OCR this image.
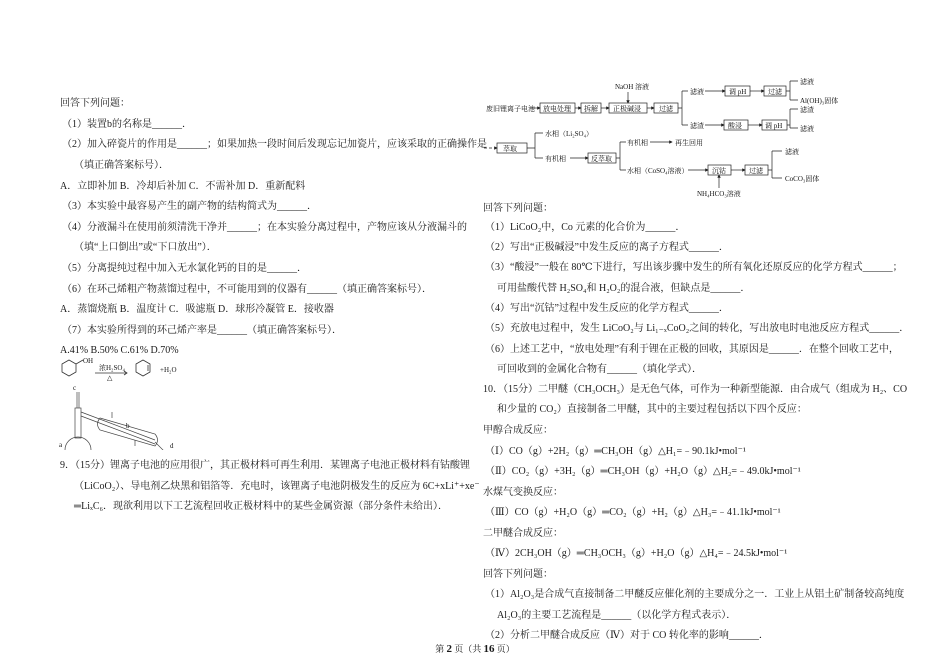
回答下列问题：
（1）装置b的名称是______．
（2）加入碎瓷片的作用是______；如果加热一段时间后发现忘记加瓷片，应该采取的正确操作是
（填正确答案标号）．
A．立即补加 B．冷却后补加 C．不需补加 D．重新配料
（3）本实验中最容易产生的副产物的结构简式为______．
（4）分液漏斗在使用前须清洗干净并______；在本实验分离过程中，产物应该从分液漏斗的
（填“上口倒出”或“下口放出”）．
（5）分离提纯过程中加入无水氯化钙的目的是______．
（6）在环己烯粗产物蒸馏过程中，不可能用到的仪器有______（填正确答案标号）．
A．蒸馏烧瓶 B．温度计 C．吸滤瓶 D．球形冷凝管 E．接收器
（7）本实验所得到的环己烯产率是______（填正确答案标号）．
A.41% B.50% C.61% D.70%
OH
浓H₂SO₄
△
+H₂O
a
b
c
d
9．（15分）锂离子电池的应用很广，其正极材料可再生利用．某锂离子电池正极材料有钴酸锂
（LiCoO₂）、导电剂乙炔黑和铝箔等．充电时，该锂离子电池阴极发生的反应为 6C+xLi⁺+xe⁻
═LiₓC₆．现欲利用以下工艺流程回收正极材料中的某些金属资源（部分条件未给出）．
废旧锂离子电池 放电处理 拆解 正极碱浸
NaOH 溶液
过滤
滤液	调 pH	过滤
滤液
Al(OH)₃固体
滤渣	酸浸	调 pH
滤渣
滤液
萃取
水相（Li₂SO₄）
有机相	反萃取
有机相	再生回用
水相（CoSO₄溶液）	沉钴
NH₄HCO₃溶液
过滤
滤液
CoCO₃固体
回答下列问题：
（1）LiCoO₂中，Co 元素的化合价为______．
（2）写出“正极碱浸”中发生反应的离子方程式______．
（3）“酸浸”一般在 80℃下进行，写出该步骤中发生的所有氧化还原反应的化学方程式______；
可用盐酸代替 H₂SO₄和 H₂O₂的混合液，但缺点是______．
（4）写出“沉钴”过程中发生反应的化学方程式______．
（5）充放电过程中，发生 LiCoO₂与 Li₁₋ₓCoO₂之间的转化，写出放电时电池反应方程式______．
（6）上述工艺中，“放电处理”有利于锂在正极的回收，其原因是______．在整个回收工艺中，
可回收到的金属化合物有______（填化学式）．
10．（15分）二甲醚（CH₃OCH₃）是无色气体，可作为一种新型能源．由合成气（组成为 H₂、CO
和少量的 CO₂）直接制备二甲醚，其中的主要过程包括以下四个反应：
甲醇合成反应：
（Ⅰ）CO（g）+2H₂（g）═CH₃OH（g）△H₁=﹣90.1kJ•mol⁻¹
（Ⅱ）CO₂（g）+3H₂（g）═CH₃OH（g）+H₂O（g）△H₂=﹣49.0kJ•mol⁻¹
水煤气变换反应：
（Ⅲ）CO（g）+H₂O（g）═CO₂（g）+H₂（g）△H₃=﹣41.1kJ•mol⁻¹
二甲醚合成反应：
（Ⅳ）2CH₃OH（g）═CH₃OCH₃（g）+H₂O（g）△H₄=﹣24.5kJ•mol⁻¹
回答下列问题：
（1）Al₂O₃是合成气直接制备二甲醚反应催化剂的主要成分之一．工业上从铝土矿制备较高纯度
Al₂O₃的主要工艺流程是______（以化学方程式表示）．
（2）分析二甲醚合成反应（Ⅳ）对于 CO 转化率的影响______．
第 2 页（共 16 页）
